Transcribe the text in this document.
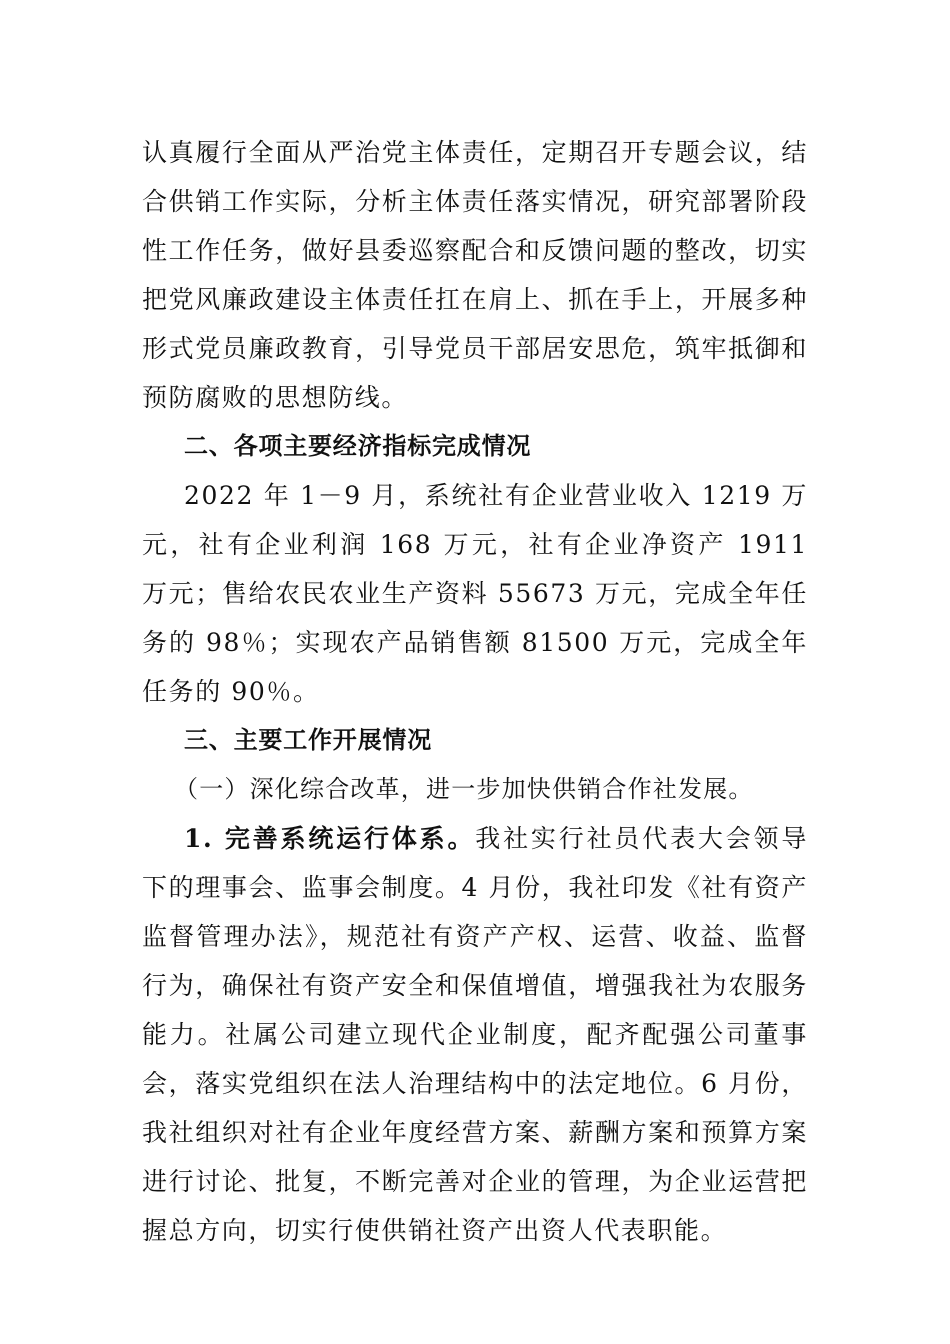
认真履行全面从严治党主体责任，定期召开专题会议，结合供销工作实际，分析主体责任落实情况，研究部署阶段性工作任务，做好县委巡察配合和反馈问题的整改，切实把党风廉政建设主体责任扛在肩上、抓在手上，开展多种形式党员廉政教育，引导党员干部居安思危，筑牢抵御和预防腐败的思想防线。

二、各项主要经济指标完成情况

2022 年 1－9 月，系统社有企业营业收入 1219 万元，社有企业利润 168 万元，社有企业净资产 1911 万元；售给农民农业生产资料 55673 万元，完成全年任务的 98％；实现农产品销售额 81500 万元，完成全年任务的 90％。

三、主要工作开展情况

（一）深化综合改革，进一步加快供销合作社发展。

1. 完善系统运行体系。我社实行社员代表大会领导下的理事会、监事会制度。4 月份，我社印发《社有资产监督管理办法》，规范社有资产产权、运营、收益、监督行为，确保社有资产安全和保值增值，增强我社为农服务能力。社属公司建立现代企业制度，配齐配强公司董事会，落实党组织在法人治理结构中的法定地位。6 月份，我社组织对社有企业年度经营方案、薪酬方案和预算方案进行讨论、批复，不断完善对企业的管理，为企业运营把握总方向，切实行使供销社资产出资人代表职能。
